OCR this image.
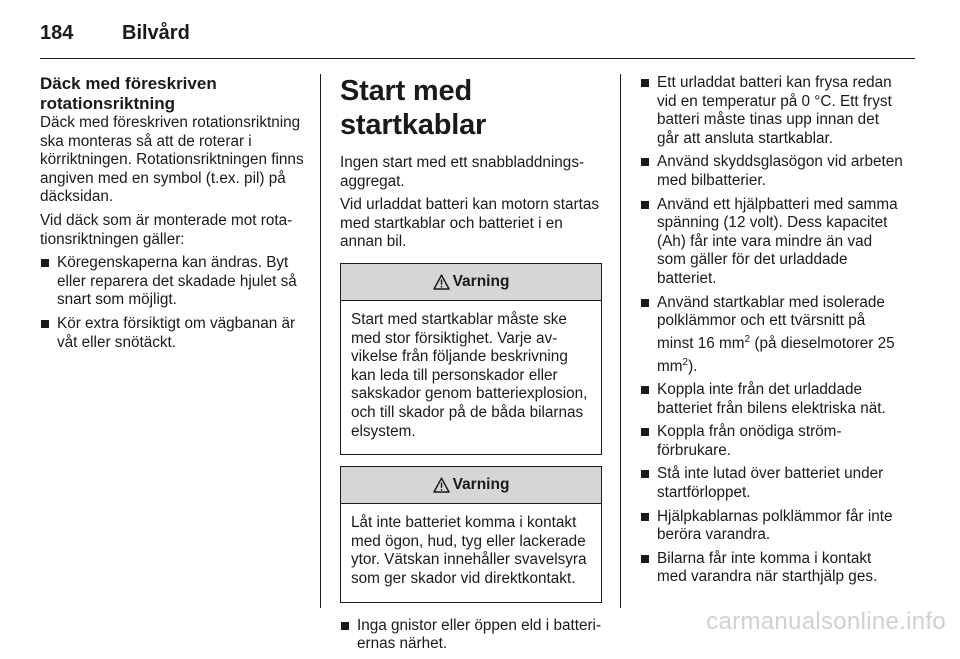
184 Bilvård
Däck med föreskriven rotationsriktning

Däck med föreskriven rotationsriktning ska monteras så att de roterar i körriktningen. Rotationsriktningen finns angiven med en symbol (t.ex. pil) på däcksidan.

Vid däck som är monterade mot rotationsriktningen gäller:

Köregenskaperna kan ändras. Byt eller reparera det skadade hjulet så snart som möjligt.
Kör extra försiktigt om vägbanan är våt eller snötäckt.
Start med startkablar

Ingen start med ett snabbladdningsaggregat.

Vid urladdat batteri kan motorn startas med startkablar och batteriet i en annan bil.

Varning
Start med startkablar måste ske med stor försiktighet. Varje avvikelse från följande beskrivning kan leda till personskador eller sakskador genom batteriexplosion, och till skador på de båda bilarnas elsystem.
Varning
Låt inte batteriet komma i kontakt med ögon, hud, tyg eller lackerade ytor. Vätskan innehåller svavelsyra som ger skador vid direktkontakt.
Inga gnistor eller öppen eld i batteriernas närhet.
Ett urladdat batteri kan frysa redan vid en temperatur på 0 °C. Ett fryst batteri måste tinas upp innan det går att ansluta startkablar.
Använd skyddsglasögon vid arbeten med bilbatterier.
Använd ett hjälpbatteri med samma spänning (12 volt). Dess kapacitet (Ah) får inte vara mindre än vad som gäller för det urladdade batteriet.
Använd startkablar med isolerade polklämmor och ett tvärsnitt på minst 16 $mm^2$ (på dieselmotorer 25 $mm^2$).
Koppla inte från det urladdade batteriet från bilens elektriska nät.
Koppla från onödiga strömförbrukare.
Stå inte lutad över batteriet under startförloppet.
Hjälpkablarnas polklämmor får inte beröra varandra.
Bilarna får inte komma i kontakt med varandra när starthjälp ges.
carmanualsonline.info
